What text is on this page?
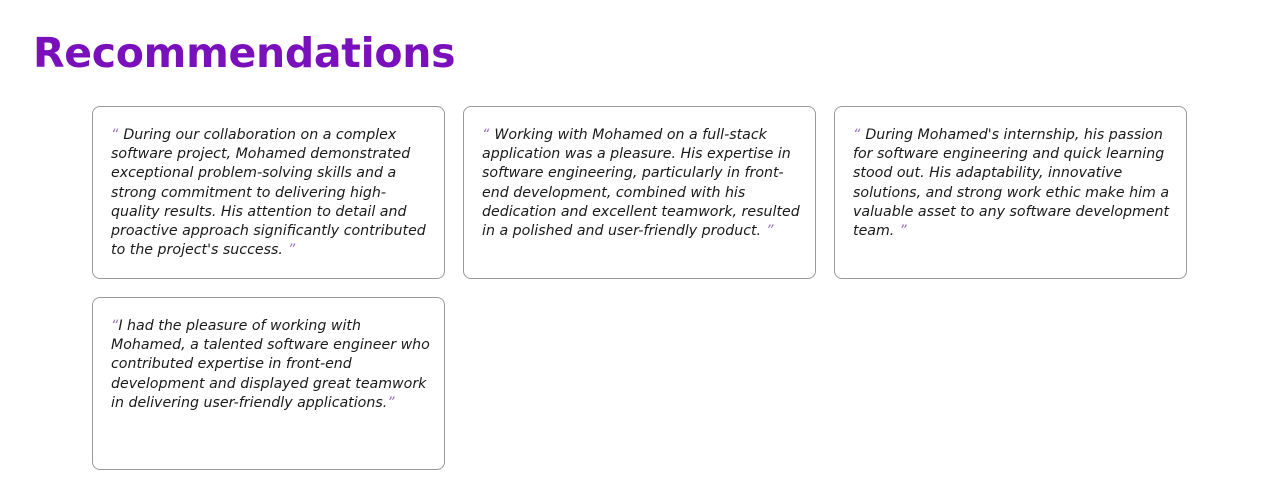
Recommendations

“ During our collaboration on a complex software project, Mohamed demonstrated exceptional problem-solving skills and a strong commitment to delivering high-quality results. His attention to detail and proactive approach significantly contributed to the project's success. ”

“ Working with Mohamed on a full-stack application was a pleasure. His expertise in software engineering, particularly in front-end development, combined with his dedication and excellent teamwork, resulted in a polished and user-friendly product. ”

“ During Mohamed's internship, his passion for software engineering and quick learning stood out. His adaptability, innovative solutions, and strong work ethic make him a valuable asset to any software development team. ”

“I had the pleasure of working with Mohamed, a talented software engineer who contributed expertise in front-end development and displayed great teamwork in delivering user-friendly applications.”
